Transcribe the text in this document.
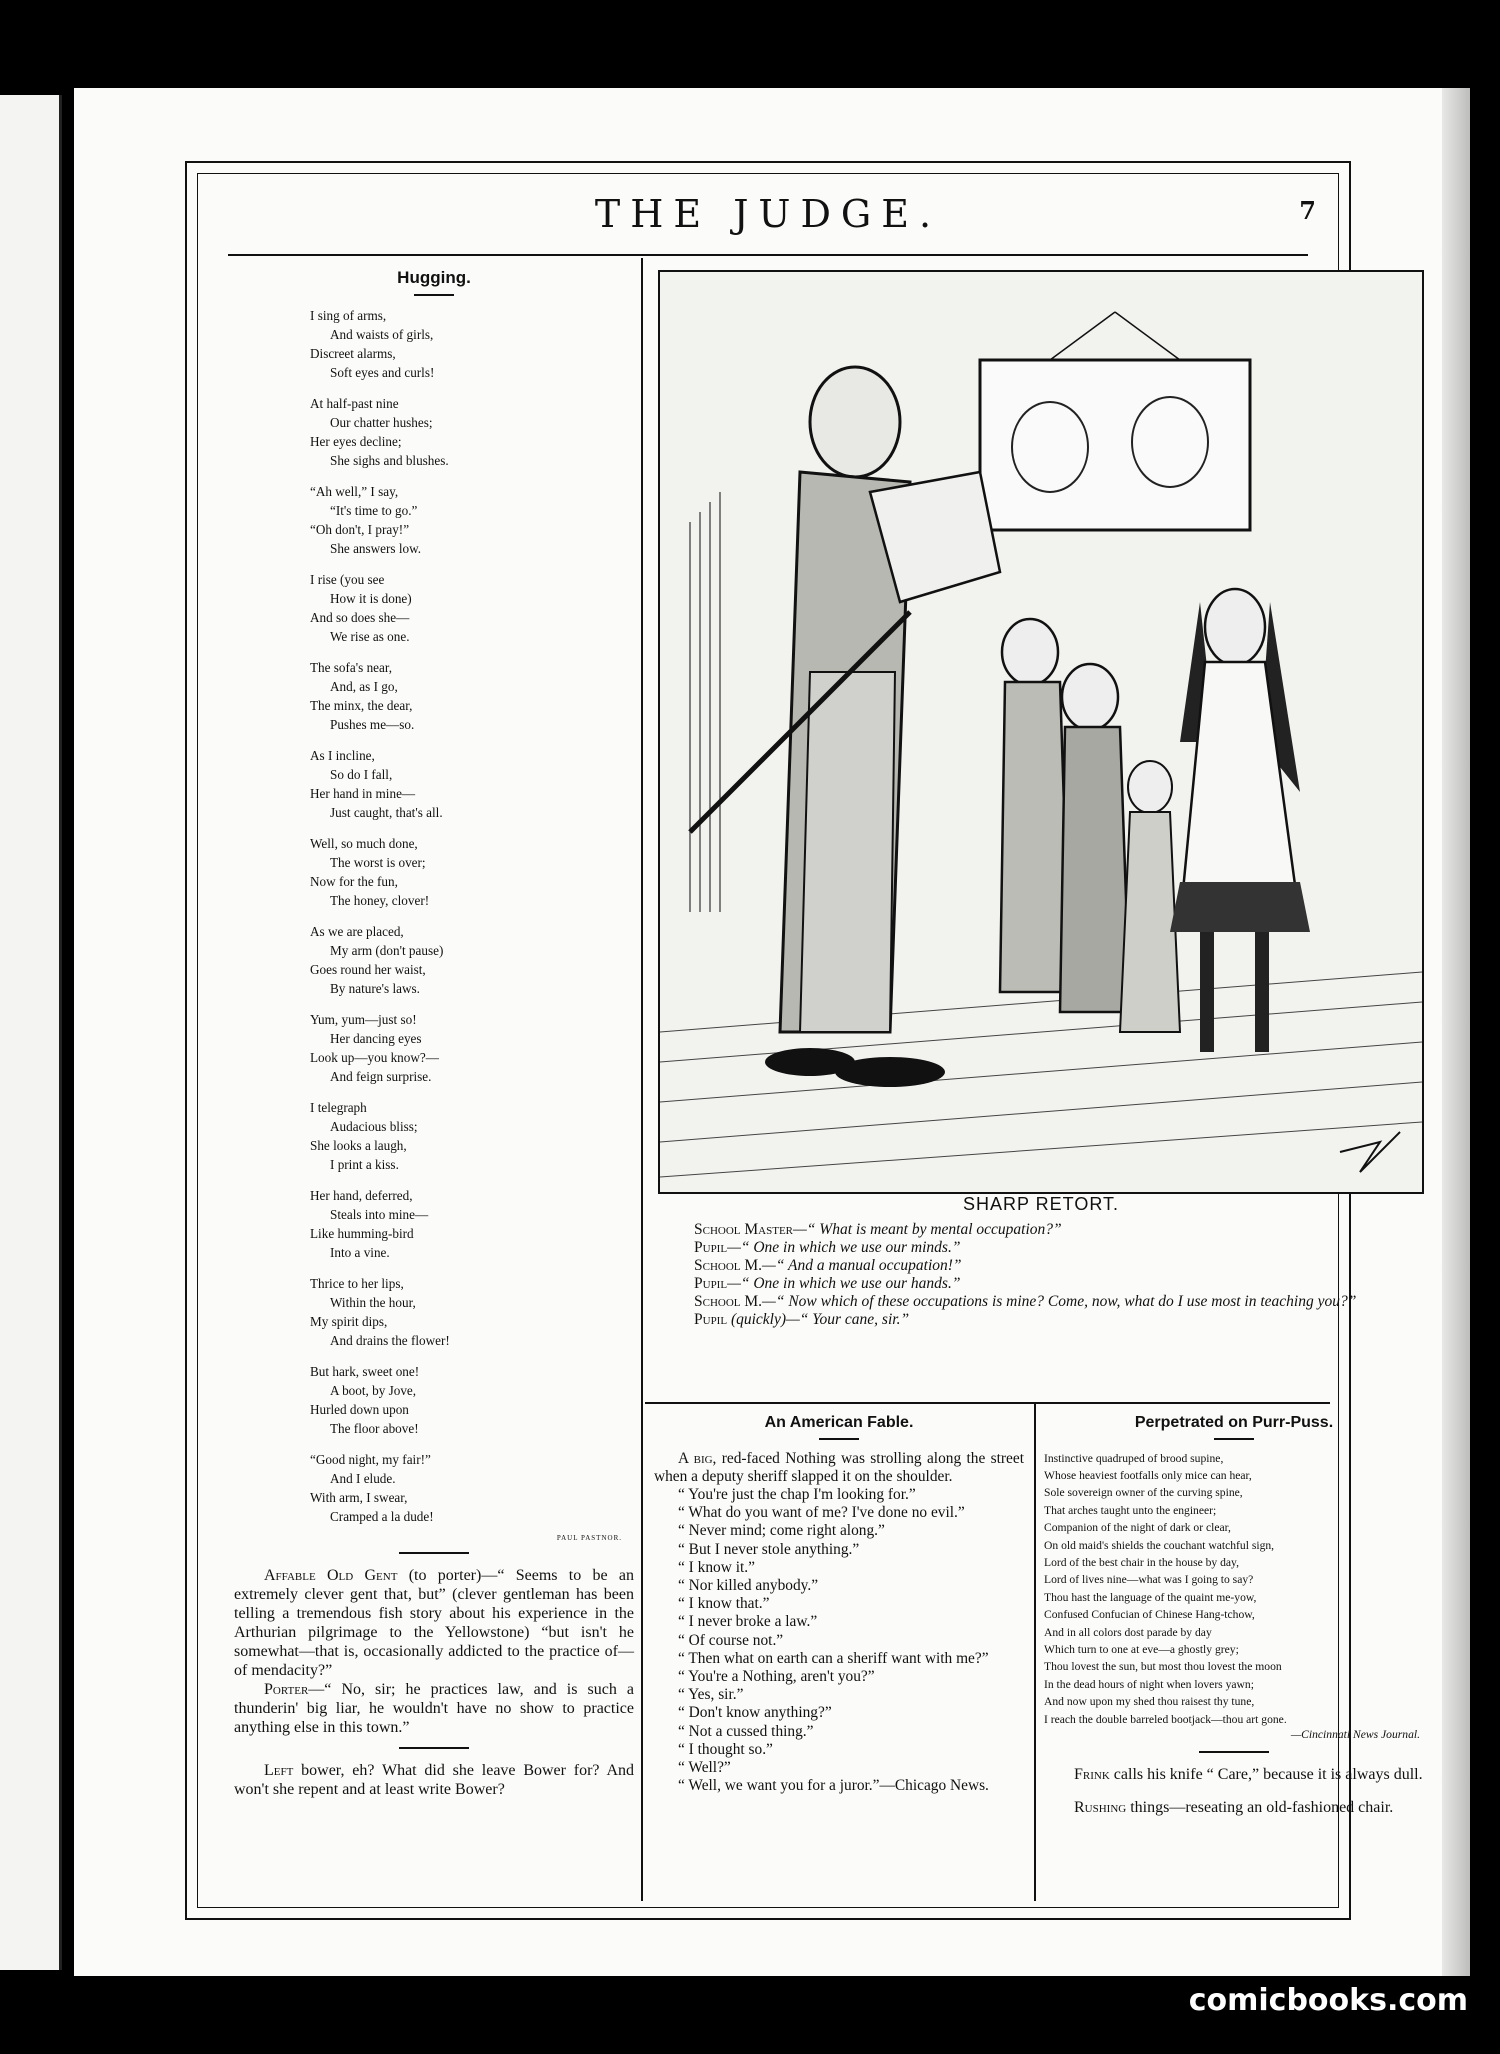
THE JUDGE.	7
Hugging.
I sing of arms,
And waists of girls,
Discreet alarms,
Soft eyes and curls!
At half-past nine
Our chatter hushes;
Her eyes decline;
She sighs and blushes.
“Ah well,” I say,
“It's time to go.”
“Oh don't, I pray!”
She answers low.
I rise (you see
How it is done)
And so does she—
We rise as one.
The sofa's near,
And, as I go,
The minx, the dear,
Pushes me—so.
As I incline,
So do I fall,
Her hand in mine—
Just caught, that's all.
Well, so much done,
The worst is over;
Now for the fun,
The honey, clover!
As we are placed,
My arm (don't pause)
Goes round her waist,
By nature's laws.
Yum, yum—just so!
Her dancing eyes
Look up—you know?—
And feign surprise.
I telegraph
Audacious bliss;
She looks a laugh,
I print a kiss.
Her hand, deferred,
Steals into mine—
Like humming-bird
Into a vine.
Thrice to her lips,
Within the hour,
My spirit dips,
And drains the flower!
But hark, sweet one!
A boot, by Jove,
Hurled down upon
The floor above!
“Good night, my fair!”
And I elude.
With arm, I swear,
Cramped a la dude!
PAUL PASTNOR.

Affable Old Gent (to porter)—“ Seems to be an extremely clever gent that, but” (clever gentleman has been telling a tremendous fish story about his experience in the Arthurian pilgrimage to the Yellowstone) “but isn't he somewhat—that is, occasionally addicted to the practice of—of mendacity?”

Porter—“ No, sir; he practices law, and is such a thunderin' big liar, he wouldn't have no show to practice anything else in this town.”

Left bower, eh? What did she leave Bower for? And won't she repent and at least write Bower?

SHARP RETORT.
School Master—“ What is meant by mental occupation?”
Pupil—“ One in which we use our minds.”
School M.—“ And a manual occupation!”
Pupil—“ One in which we use our hands.”
School M.—“ Now which of these occupations is mine? Come, now, what do I use most in teaching you?”
Pupil (quickly)—“ Your cane, sir.”
An American Fable.
A big, red-faced Nothing was strolling along the street when a deputy sheriff slapped it on the shoulder.
“ You're just the chap I'm looking for.”
“ What do you want of me? I've done no evil.”
“ Never mind; come right along.”
“ But I never stole anything.”
“ I know it.”
“ Nor killed anybody.”
“ I know that.”
“ I never broke a law.”
“ Of course not.”
“ Then what on earth can a sheriff want with me?”
“ You're a Nothing, aren't you?”
“ Yes, sir.”
“ Don't know anything?”
“ Not a cussed thing.”
“ I thought so.”
“ Well?”
“ Well, we want you for a juror.”—Chicago News.
Perpetrated on Purr-Puss.
Instinctive quadruped of brood supine,
Whose heaviest footfalls only mice can hear,
Sole sovereign owner of the curving spine,
That arches taught unto the engineer;
Companion of the night of dark or clear,
On old maid's shields the couchant watchful sign,
Lord of the best chair in the house by day,
Lord of lives nine—what was I going to say?
Thou hast the language of the quaint me-yow,
Confused Confucian of Chinese Hang-tchow,
And in all colors dost parade by day
Which turn to one at eve—a ghostly grey;
Thou lovest the sun, but most thou lovest the moon
In the dead hours of night when lovers yawn;
And now upon my shed thou raisest thy tune,
I reach the double barreled bootjack—thou art gone.
—Cincinnati News Journal.

Frink calls his knife “ Care,” because it is always dull.

Rushing things—reseating an old-fashioned chair.

comicbooks.com
